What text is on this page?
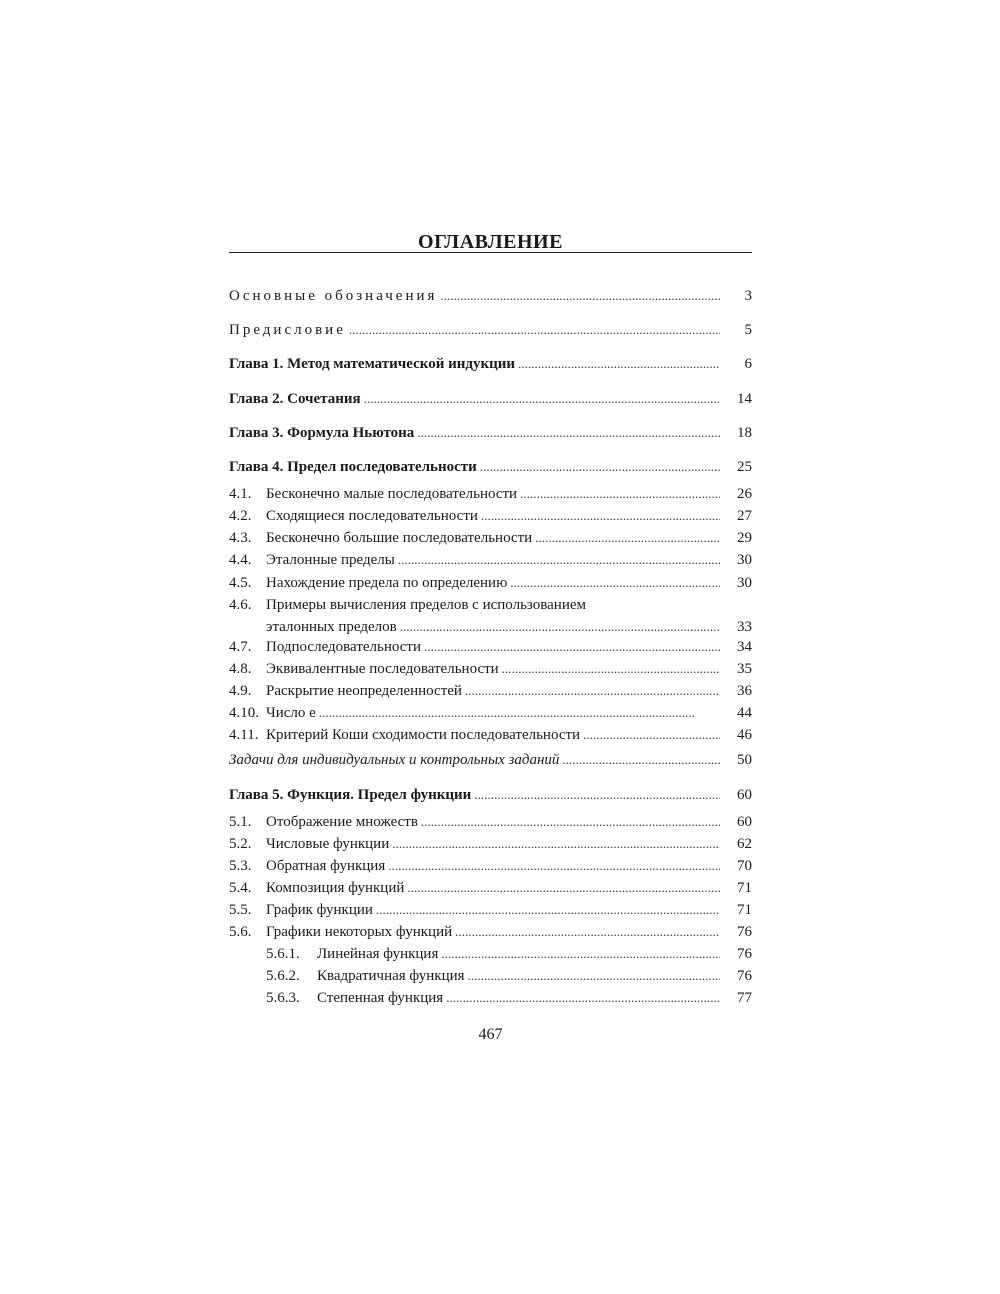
ОГЛАВЛЕНИЕ
Основные обозначения . . .	3
Предисловие . . .	5
Глава 1. Метод математической индукции . . .	6
Глава 2. Сочетания . . .	14
Глава 3. Формула Ньютона . . .	18
Глава 4. Предел последовательности . . .	25
4.1. Бесконечно малые последовательности . . .	26
4.2. Сходящиеся последовательности . . .	27
4.3. Бесконечно большие последовательности . . .	29
4.4. Эталонные пределы . . .	30
4.5. Нахождение предела по определению . . .	30
4.6. Примеры вычисления пределов с использованием
эталонных пределов . . .	33
4.7. Подпоследовательности . . .	34
4.8. Эквивалентные последовательности . . .	35
4.9. Раскрытие неопределенностей . . .	36
4.10. Число e . . .	44
4.11. Критерий Коши сходимости последовательности . . .	46
Задачи для индивидуальных и контрольных заданий . . .	50
Глава 5. Функция. Предел функции . . .	60
5.1. Отображение множеств . . .	60
5.2. Числовые функции . . .	62
5.3. Обратная функция . . .	70
5.4. Композиция функций . . .	71
5.5. График функции . . .	71
5.6. Графики некоторых функций . . .	76
5.6.1.	Линейная функция . . .	76
5.6.2.	Квадратичная функция . . .	76
5.6.3.	Степенная функция . . .	77
467
